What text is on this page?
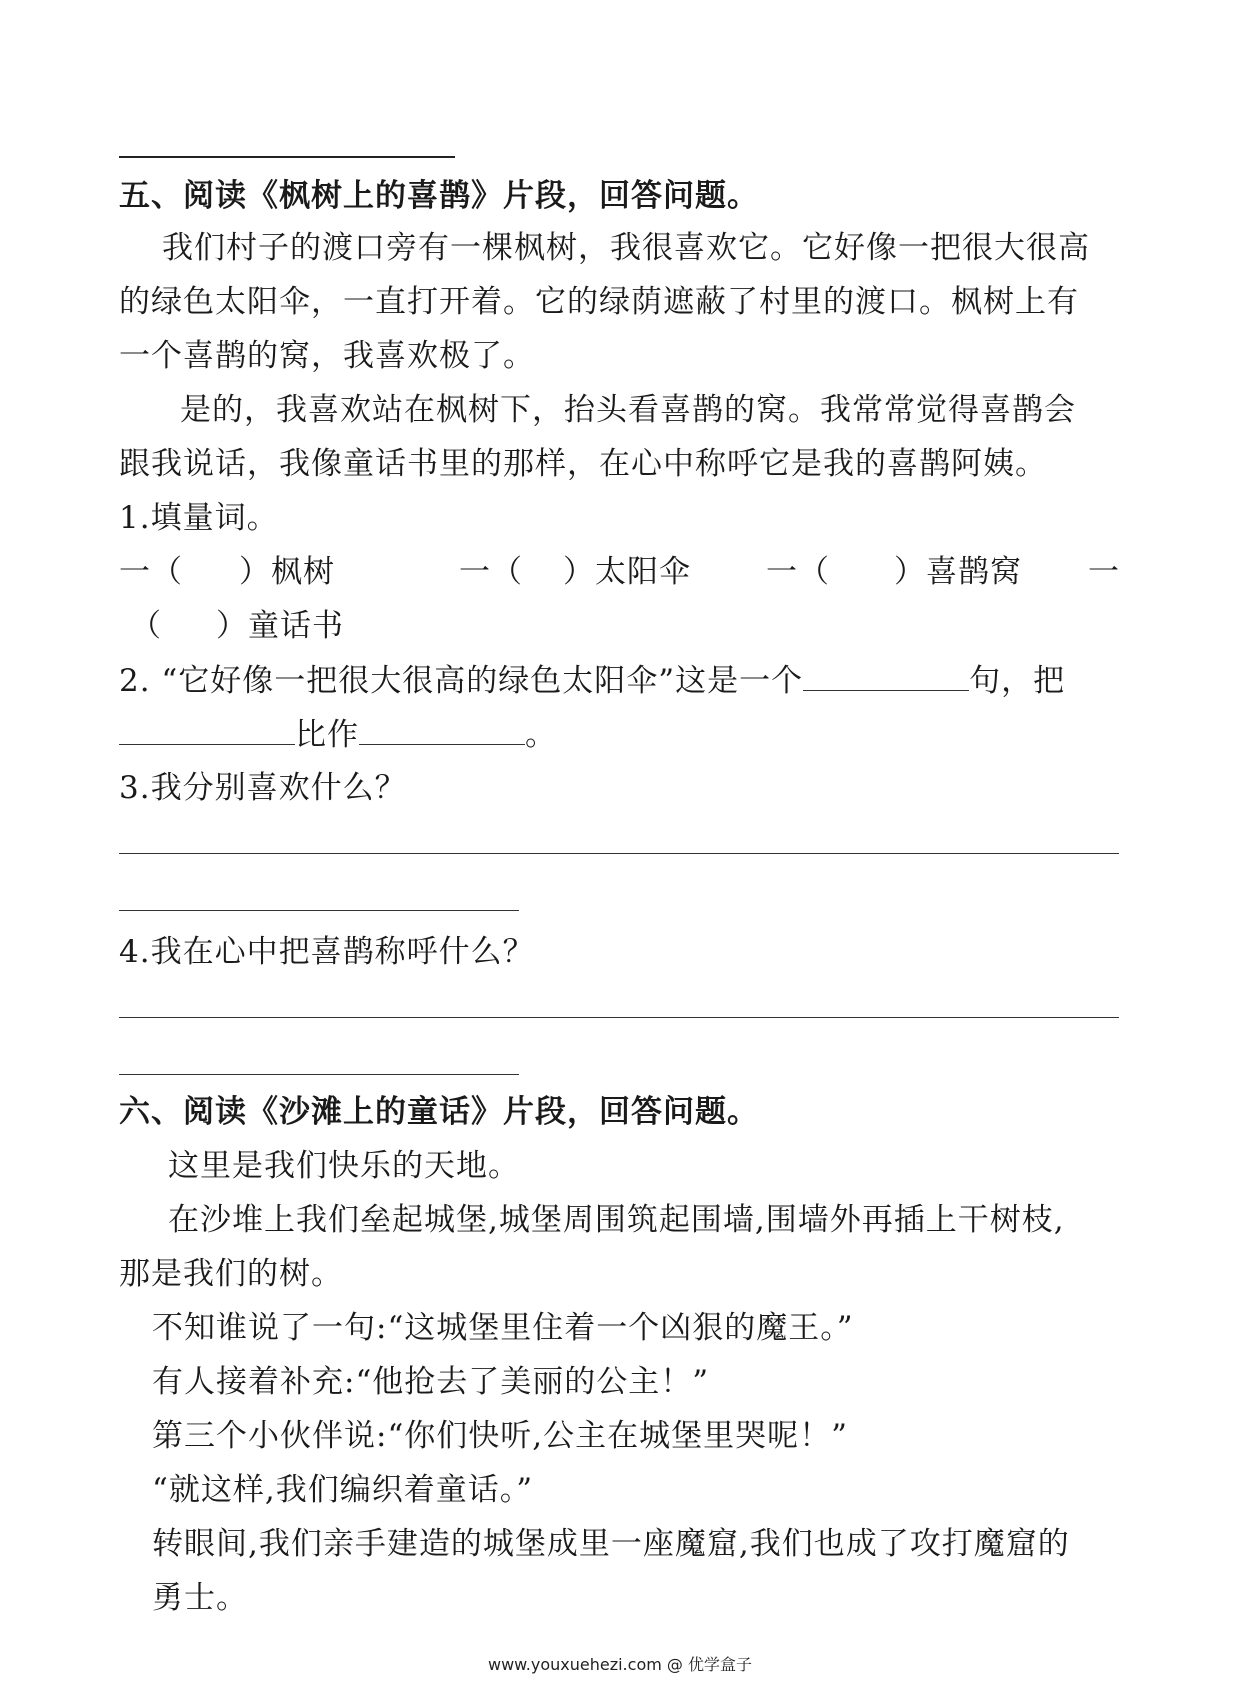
五、阅读《枫树上的喜鹊》片段，回答问题。
我们村子的渡口旁有一棵枫树，我很喜欢它。它好像一把很大很高
的绿色太阳伞，一直打开着。它的绿荫遮蔽了村里的渡口。枫树上有
一个喜鹊的窝，我喜欢极了。
是的，我喜欢站在枫树下，抬头看喜鹊的窝。我常常觉得喜鹊会
跟我说话，我像童话书里的那样，在心中称呼它是我的喜鹊阿姨。
1.填量词。
一（ ）枫树	一（ ）太阳伞 一（ ）喜鹊窝 一
（ ）童话书
2. “它好像一把很大很高的绿色太阳伞”这是一个	句，把
比作	。
3.我分别喜欢什么？
4.我在心中把喜鹊称呼什么？
六、阅读《沙滩上的童话》片段，回答问题。
这里是我们快乐的天地。
在沙堆上我们垒起城堡,城堡周围筑起围墙,围墙外再插上干树枝,
那是我们的树。
不知谁说了一句:“这城堡里住着一个凶狠的魔王。”
有人接着补充:“他抢去了美丽的公主！”
第三个小伙伴说:“你们快听,公主在城堡里哭呢！”
“就这样,我们编织着童话。”
转眼间,我们亲手建造的城堡成里一座魔窟,我们也成了攻打魔窟的
勇士。
www.youxuehezi.com @ 优学盒子
